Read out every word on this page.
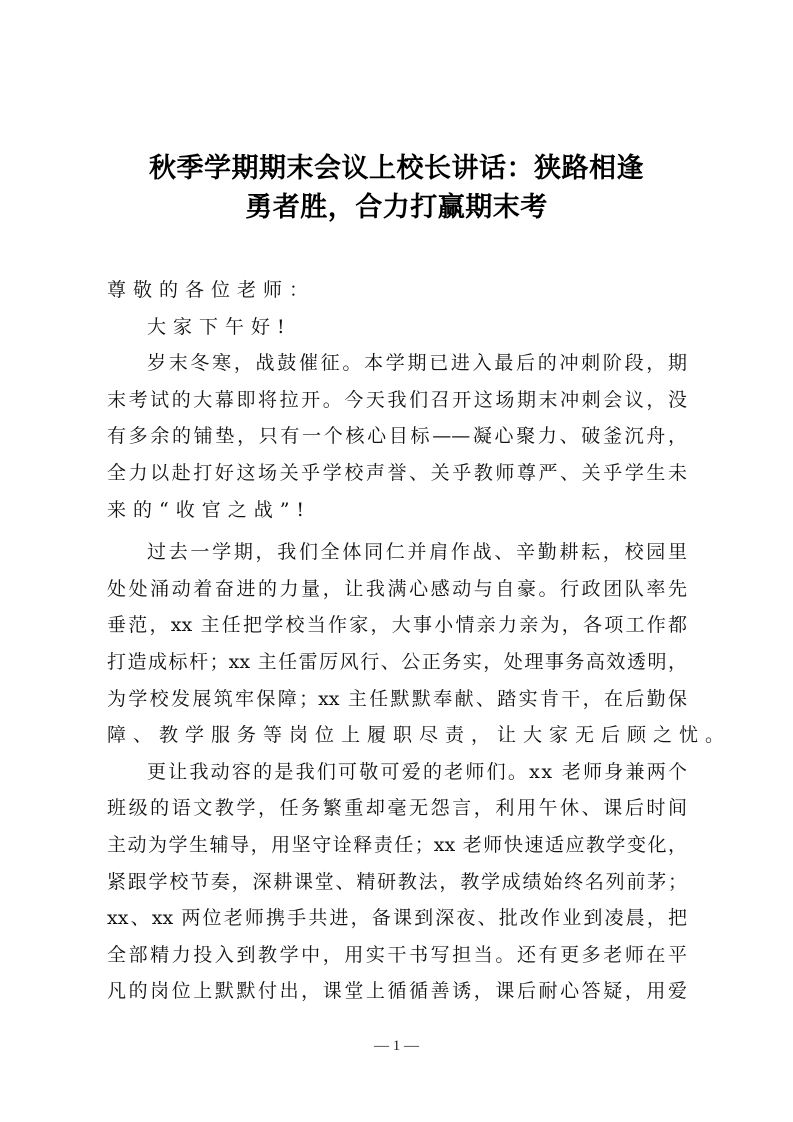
秋季学期期末会议上校长讲话：狭路相逢
勇者胜，合力打赢期末考
尊敬的各位老师：
大家下午好!
岁末冬寒，战鼓催征。本学期已进入最后的冲刺阶段，期
末考试的大幕即将拉开。今天我们召开这场期末冲刺会议，没
有多余的铺垫，只有一个核心目标——凝心聚力、破釜沉舟，
全力以赴打好这场关乎学校声誉、关乎教师尊严、关乎学生未
来的“收官之战”!
过去一学期，我们全体同仁并肩作战、辛勤耕耘，校园里
处处涌动着奋进的力量，让我满心感动与自豪。行政团队率先
垂范，xx 主任把学校当作家，大事小情亲力亲为，各项工作都
打造成标杆；xx 主任雷厉风行、公正务实，处理事务高效透明，
为学校发展筑牢保障；xx 主任默默奉献、踏实肯干，在后勤保
障、教学服务等岗位上履职尽责，让大家无后顾之忧。
更让我动容的是我们可敬可爱的老师们。xx 老师身兼两个
班级的语文教学，任务繁重却毫无怨言，利用午休、课后时间
主动为学生辅导，用坚守诠释责任；xx 老师快速适应教学变化，
紧跟学校节奏，深耕课堂、精研教法，教学成绩始终名列前茅；
xx、xx 两位老师携手共进，备课到深夜、批改作业到凌晨，把
全部精力投入到教学中，用实干书写担当。还有更多老师在平
凡的岗位上默默付出，课堂上循循善诱，课后耐心答疑，用爱
— 1 —
